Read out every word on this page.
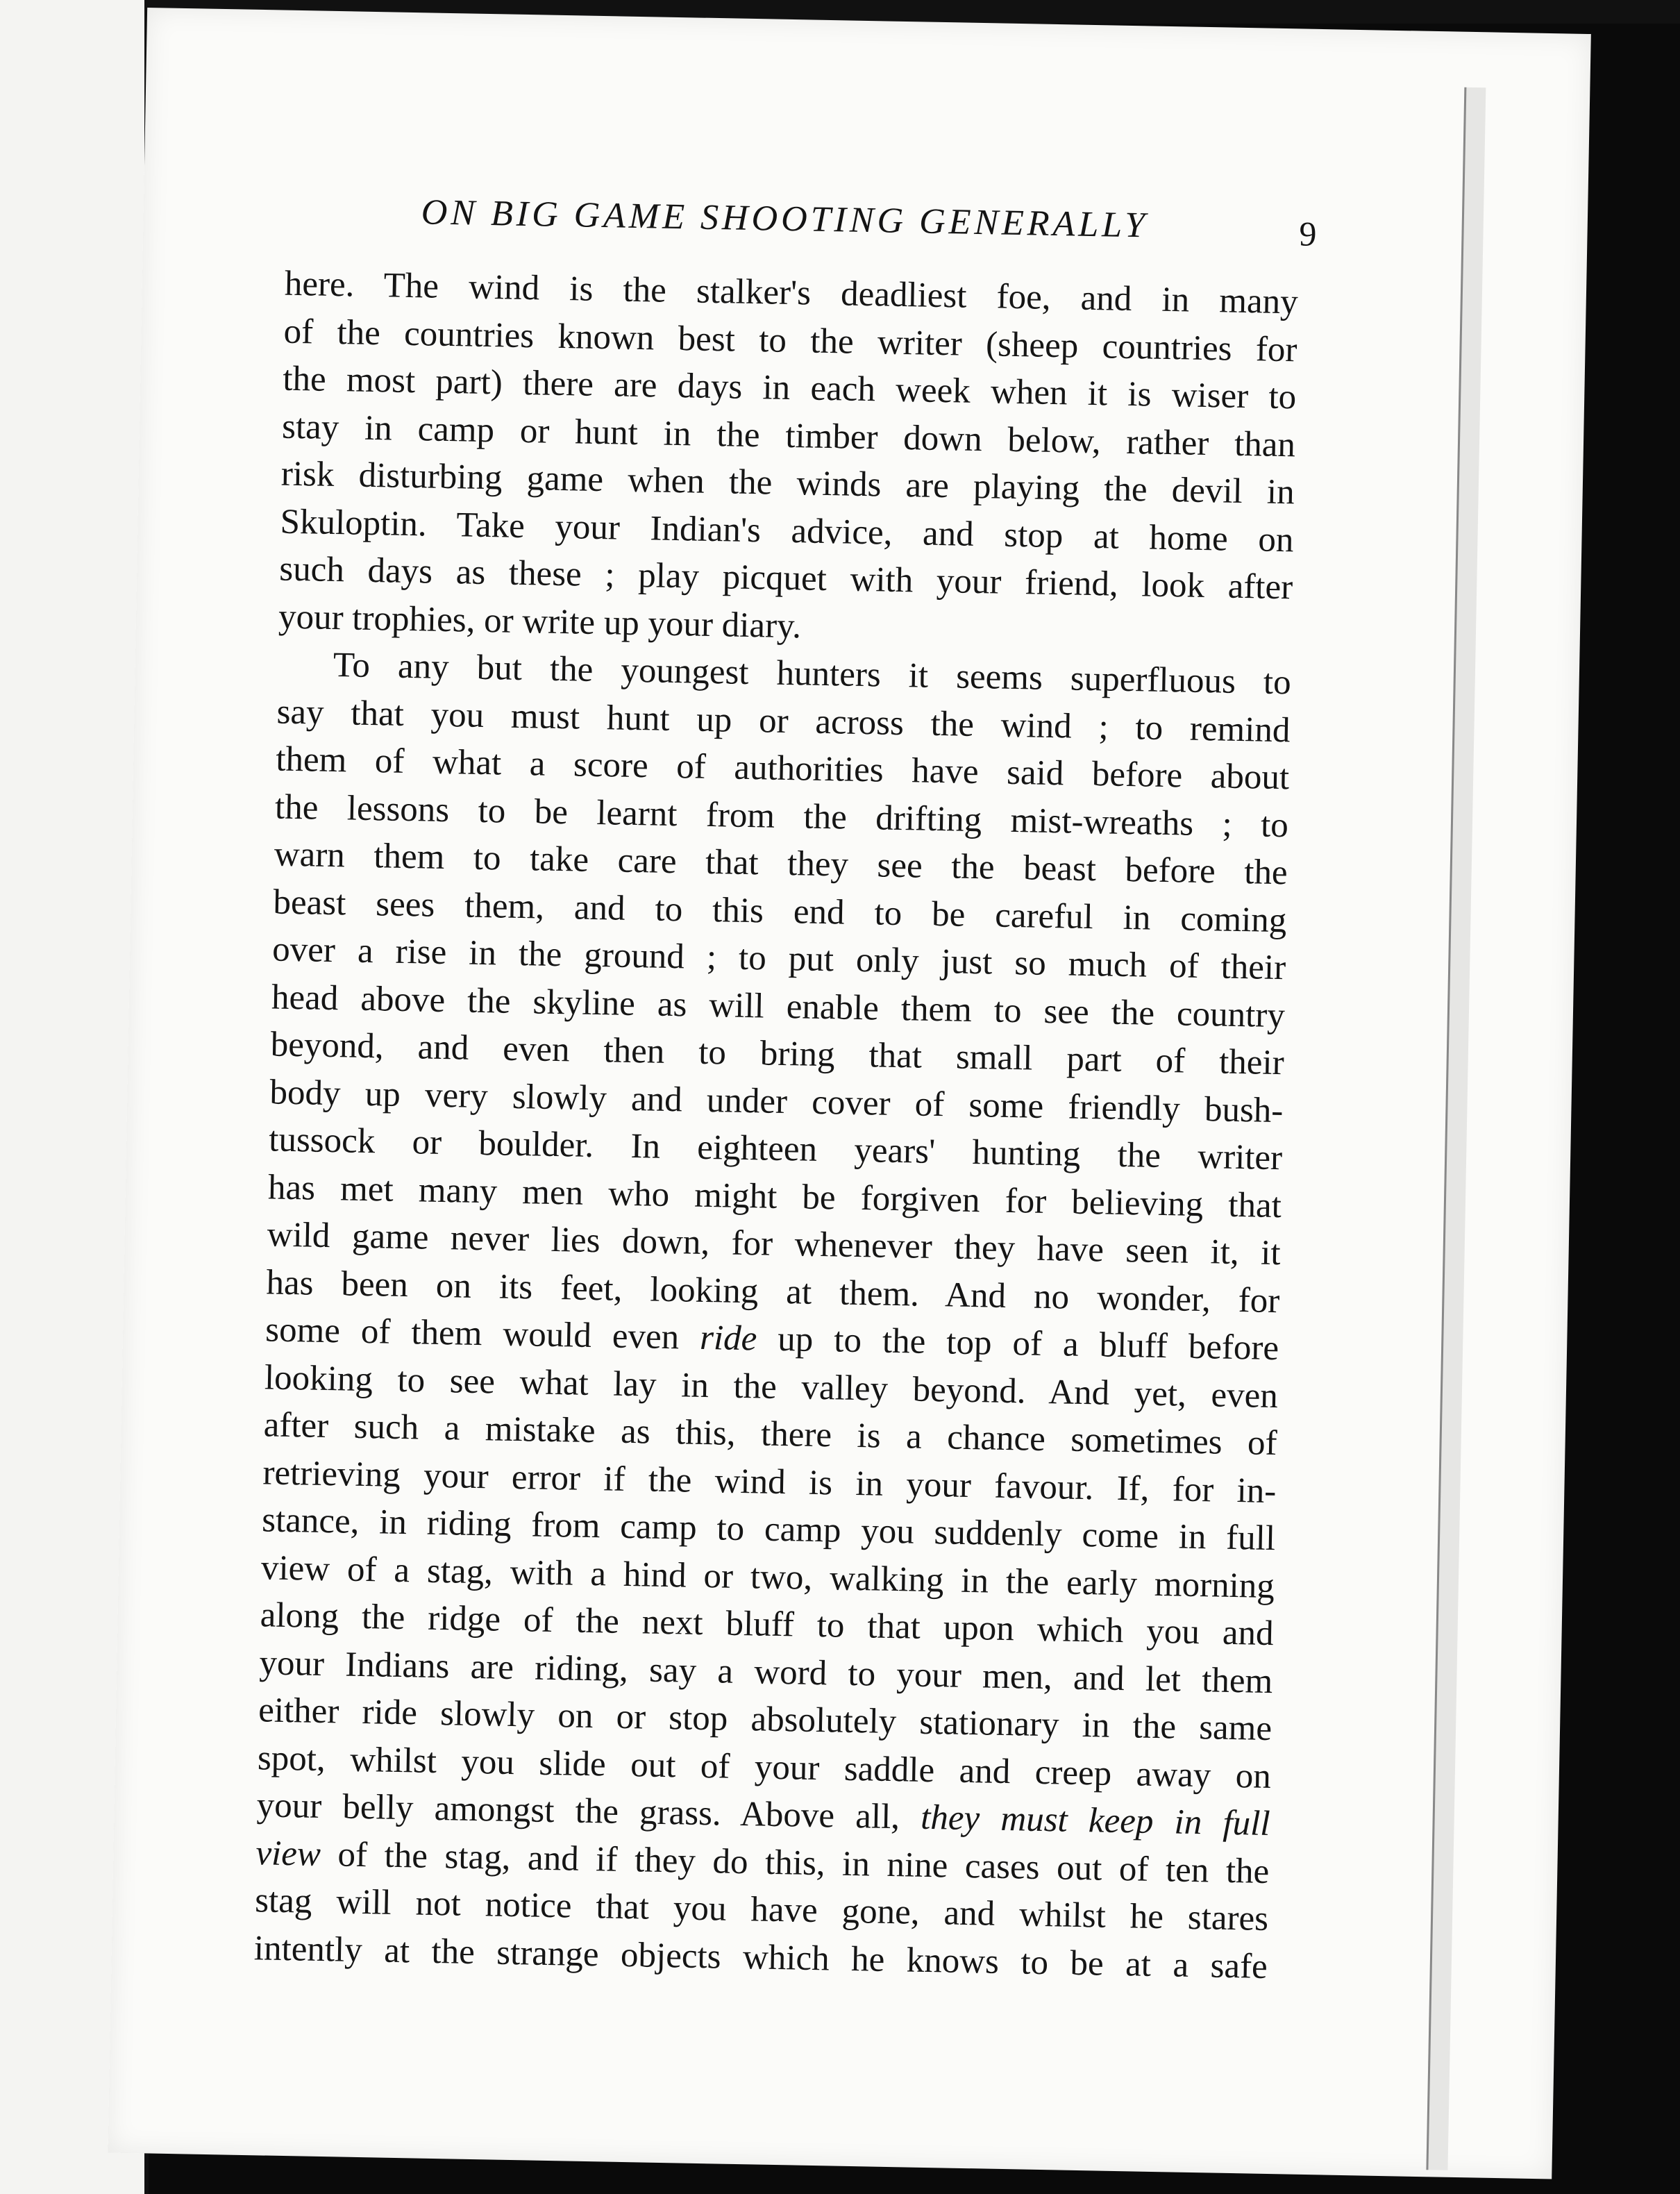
ON BIG GAME SHOOTING GENERALLY	9
here. The wind is the stalker's deadliest foe, and in many
of the countries known best to the writer (sheep countries for
the most part) there are days in each week when it is wiser to
stay in camp or hunt in the timber down below, rather than
risk disturbing game when the winds are playing the devil in
Skuloptin. Take your Indian's advice, and stop at home on
such days as these ; play picquet with your friend, look after
your trophies, or write up your diary.
To any but the youngest hunters it seems superfluous to
say that you must hunt up or across the wind ; to remind
them of what a score of authorities have said before about
the lessons to be learnt from the drifting mist-wreaths ; to
warn them to take care that they see the beast before the
beast sees them, and to this end to be careful in coming
over a rise in the ground ; to put only just so much of their
head above the skyline as will enable them to see the country
beyond, and even then to bring that small part of their
body up very slowly and under cover of some friendly bush-
tussock or boulder. In eighteen years' hunting the writer
has met many men who might be forgiven for believing that
wild game never lies down, for whenever they have seen it, it
has been on its feet, looking at them. And no wonder, for
some of them would even ride up to the top of a bluff before
looking to see what lay in the valley beyond. And yet, even
after such a mistake as this, there is a chance sometimes of
retrieving your error if the wind is in your favour. If, for in-
stance, in riding from camp to camp you suddenly come in full
view of a stag, with a hind or two, walking in the early morning
along the ridge of the next bluff to that upon which you and
your Indians are riding, say a word to your men, and let them
either ride slowly on or stop absolutely stationary in the same
spot, whilst you slide out of your saddle and creep away on
your belly amongst the grass. Above all, they must keep in full
view of the stag, and if they do this, in nine cases out of ten the
stag will not notice that you have gone, and whilst he stares
intently at the strange objects which he knows to be at a safe
